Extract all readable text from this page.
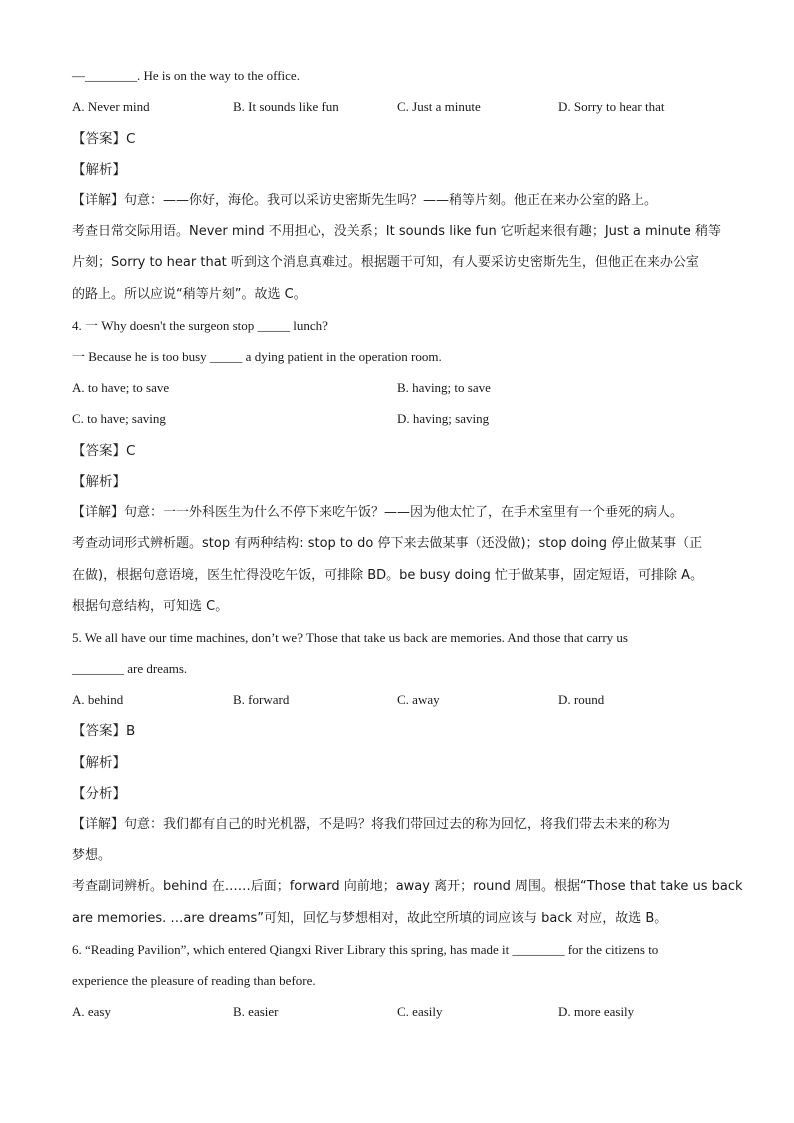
—________. He is on the way to the office.
A. Never mind	B. It sounds like fun	C. Just a minute	D. Sorry to hear that
【答案】C
【解析】
【详解】句意：——你好，海伦。我可以采访史密斯先生吗？——稍等片刻。他正在来办公室的路上。
考查日常交际用语。Never mind 不用担心，没关系；It sounds like fun 它听起来很有趣；Just a minute 稍等
片刻；Sorry to hear that 听到这个消息真难过。根据题干可知，有人要采访史密斯先生，但他正在来办公室
的路上。所以应说“稍等片刻”。故选 C。
4. 一 Why doesn't the surgeon stop _____ lunch?
一 Because he is too busy _____ a dying patient in the operation room.
A. to have; to save	B. having; to save
C. to have; saving	D. having; saving
【答案】C
【解析】
【详解】句意：一一外科医生为什么不停下来吃午饭？——因为他太忙了，在手术室里有一个垂死的病人。
考查动词形式辨析题。stop 有两种结构: stop to do 停下来去做某事（还没做)；stop doing 停止做某事（正
在做)，根据句意语境，医生忙得没吃午饭，可排除 BD。be busy doing 忙于做某事，固定短语，可排除 A。
根据句意结构，可知选 C。
5. We all have our time machines, don’t we? Those that take us back are memories. And those that carry us
________ are dreams.
A. behind	B. forward	C. away	D. round
【答案】B
【解析】
【分析】
【详解】句意：我们都有自己的时光机器，不是吗？将我们带回过去的称为回忆，将我们带去未来的称为
梦想。
考查副词辨析。behind 在……后面；forward 向前地；away 离开；round 周围。根据“Those that take us back
are memories. …are dreams”可知，回忆与梦想相对，故此空所填的词应该与 back 对应，故选 B。
6. “Reading Pavilion”, which entered Qiangxi River Library this spring, has made it ________ for the citizens to
experience the pleasure of reading than before.
A. easy	B. easier	C. easily	D. more easily
